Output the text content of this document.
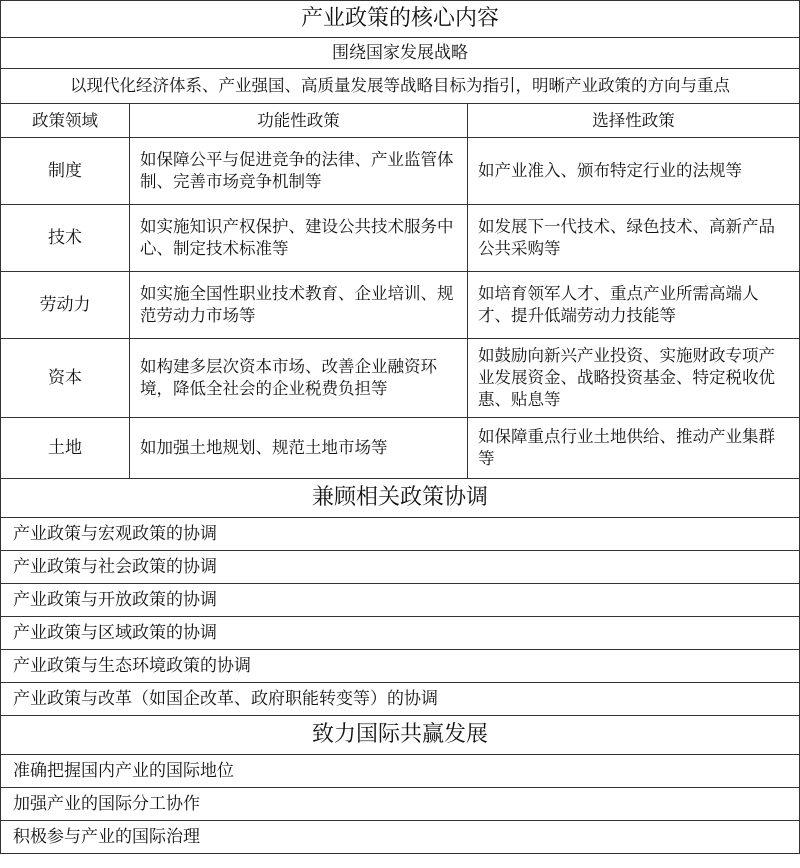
产业政策的核心内容		
围绕国家发展战略		
以现代化经济体系、产业强国、高质量发展等战略目标为指引，明晰产业政策的方向与重点		
政策领域	功能性政策	选择性政策
制度	如保障公平与促进竞争的法律、产业监管体制、完善市场竞争机制等	如产业准入、颁布特定行业的法规等
技术	如实施知识产权保护、建设公共技术服务中心、制定技术标准等	如发展下一代技术、绿色技术、高新产品公共采购等
劳动力	如实施全国性职业技术教育、企业培训、规范劳动力市场等	如培育领军人才、重点产业所需高端人才、提升低端劳动力技能等
资本	如构建多层次资本市场、改善企业融资环境，降低全社会的企业税费负担等	如鼓励向新兴产业投资、实施财政专项产业发展资金、战略投资基金、特定税收优惠、贴息等
土地	如加强土地规划、规范土地市场等	如保障重点行业土地供给、推动产业集群等
兼顾相关政策协调		
产业政策与宏观政策的协调		
产业政策与社会政策的协调		
产业政策与开放政策的协调		
产业政策与区域政策的协调		
产业政策与生态环境政策的协调		
产业政策与改革（如国企改革、政府职能转变等）的协调		
致力国际共赢发展		
准确把握国内产业的国际地位		
加强产业的国际分工协作		
积极参与产业的国际治理		
